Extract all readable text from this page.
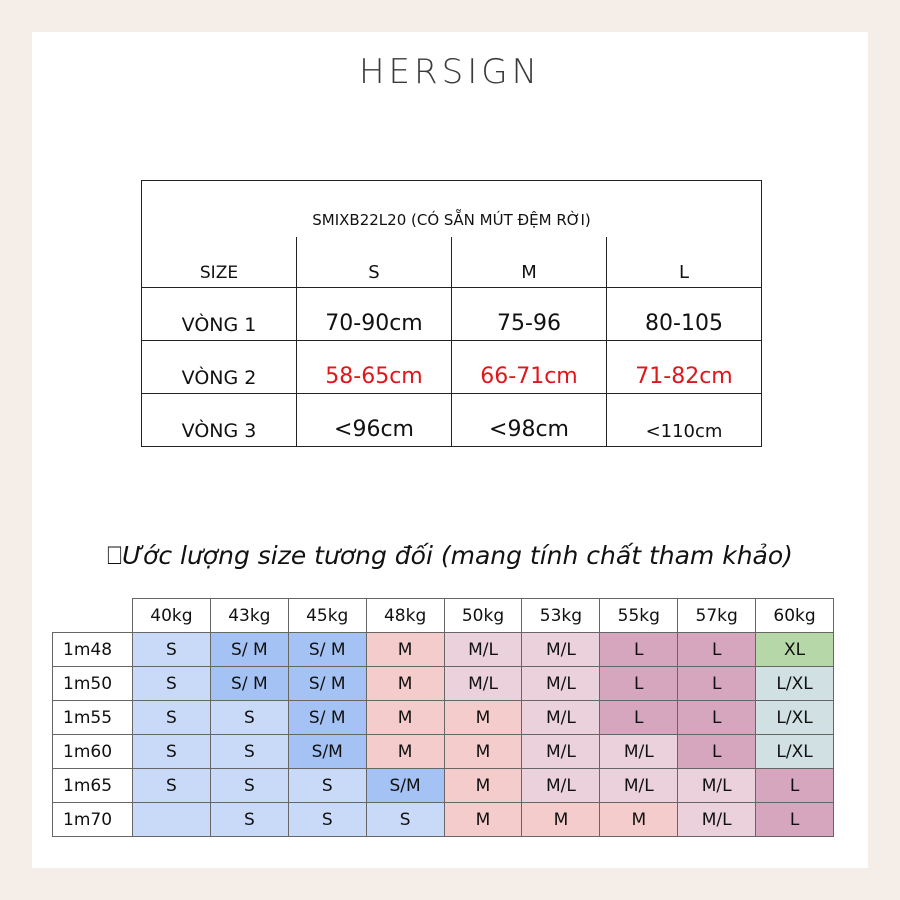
HERSIGN
SMIXB22L20 (CÓ SẴN MÚT ĐỆM RỜI)			
SIZE	S	M	L
VÒNG 1	70-90cm	75-96	80-105
VÒNG 2	58-65cm	66-71cm	71-82cm
VÒNG 3	<96cm	<98cm	<110cm
⎕Ước lượng size tương đối (mang tính chất tham khảo)
	40kg	43kg	45kg	48kg	50kg	53kg	55kg	57kg	60kg
1m48	S	S/ M	S/ M	M	M/L	M/L	L	L	XL
1m50	S	S/ M	S/ M	M	M/L	M/L	L	L	L/XL
1m55	S	S	S/ M	M	M	M/L	L	L	L/XL
1m60	S	S	S/M	M	M	M/L	M/L	L	L/XL
1m65	S	S	S	S/M	M	M/L	M/L	M/L	L
1m70		S	S	S	M	M	M	M/L	L
